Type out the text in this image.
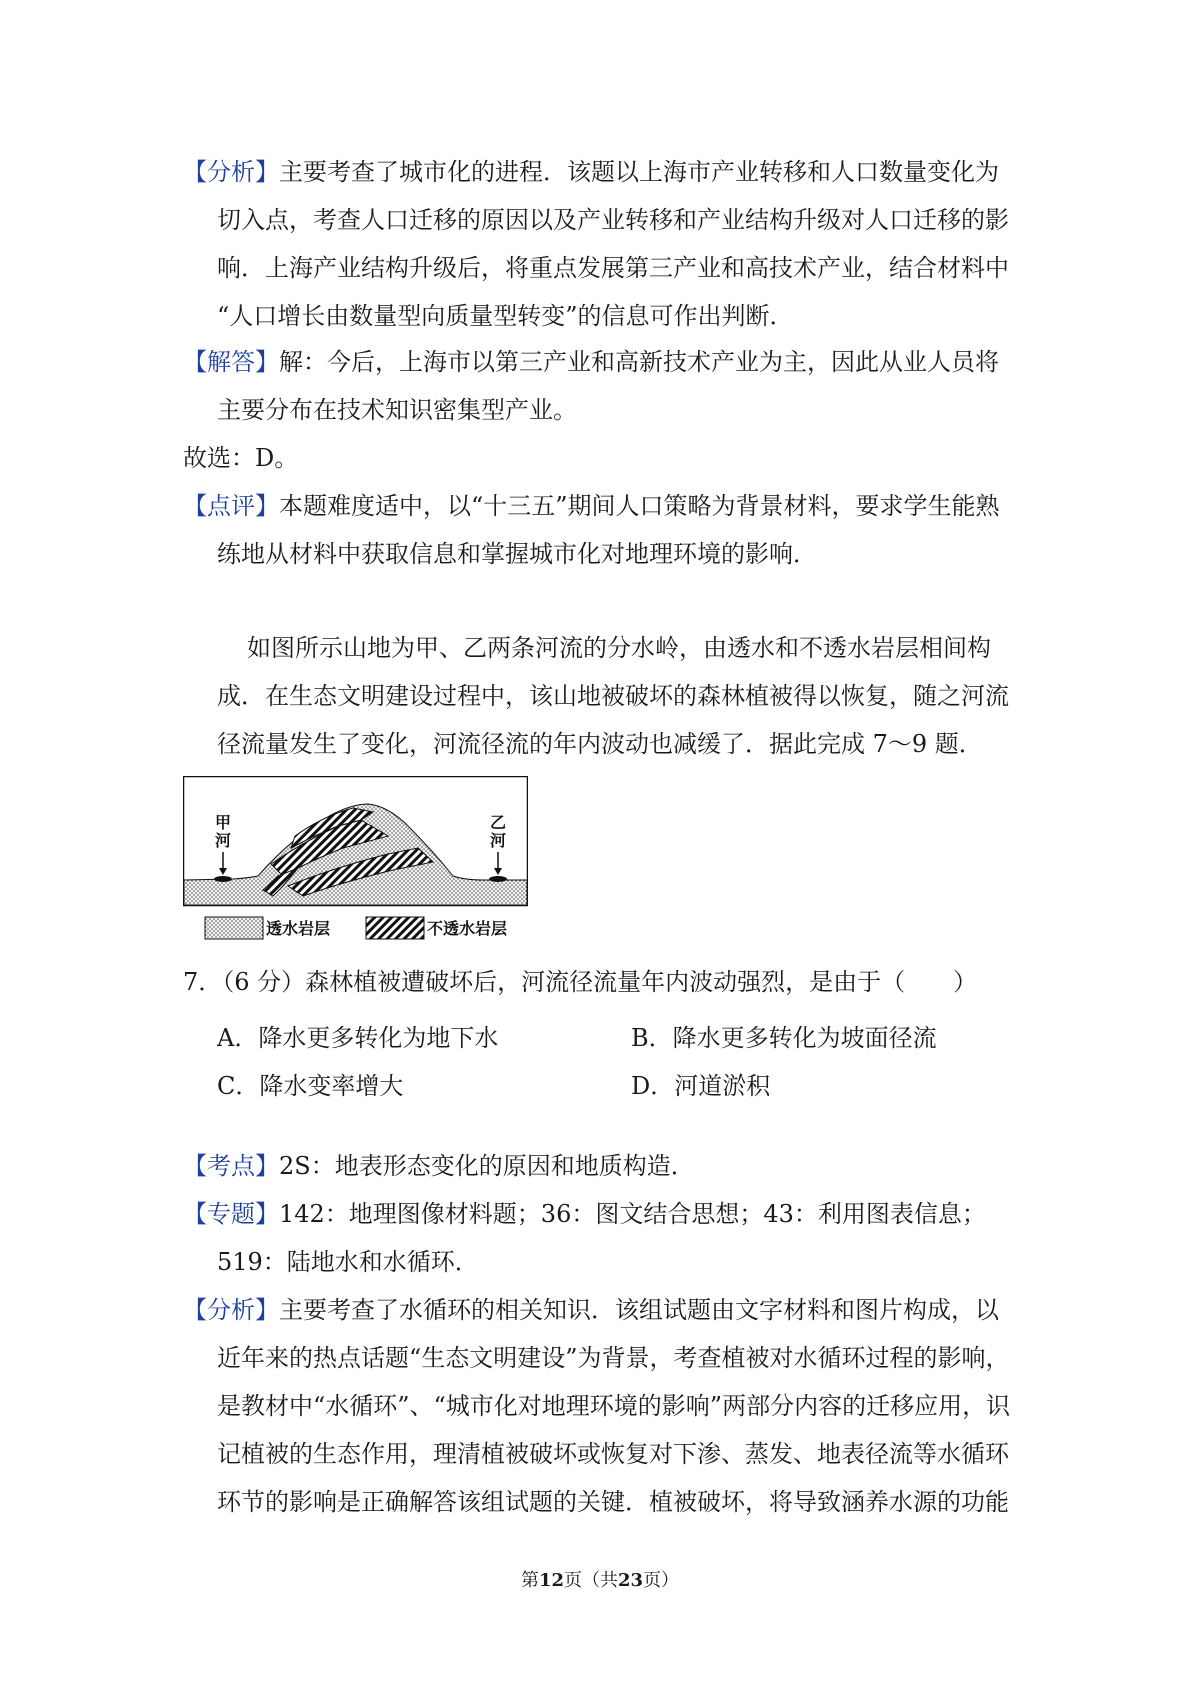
【分析】主要考查了城市化的进程．该题以上海市产业转移和人口数量变化为
切入点，考查人口迁移的原因以及产业转移和产业结构升级对人口迁移的影
响．上海产业结构升级后，将重点发展第三产业和高技术产业，结合材料中
“人口增长由数量型向质量型转变”的信息可作出判断．
【解答】解：今后，上海市以第三产业和高新技术产业为主，因此从业人员将
主要分布在技术知识密集型产业。
故选：D。
【点评】本题难度适中，以“十三五”期间人口策略为背景材料，要求学生能熟
练地从材料中获取信息和掌握城市化对地理环境的影响．
如图所示山地为甲、乙两条河流的分水岭，由透水和不透水岩层相间构
成．在生态文明建设过程中，该山地被破坏的森林植被得以恢复，随之河流
径流量发生了变化，河流径流的年内波动也减缓了．据此完成 7～9 题．
甲
河
乙
河
透水岩层	不透水岩层
7．（6 分）森林植被遭破坏后，河流径流量年内波动强烈，是由于（　　）
A．降水更多转化为地下水	B．降水更多转化为坡面径流
C．降水变率增大	D．河道淤积
【考点】2S：地表形态变化的原因和地质构造．
【专题】142：地理图像材料题；36：图文结合思想；43：利用图表信息；
519：陆地水和水循环．
【分析】主要考查了水循环的相关知识．该组试题由文字材料和图片构成，以
近年来的热点话题“生态文明建设”为背景，考查植被对水循环过程的影响，
是教材中“水循环”、“城市化对地理环境的影响”两部分内容的迁移应用，识
记植被的生态作用，理清植被破坏或恢复对下渗、蒸发、地表径流等水循环
环节的影响是正确解答该组试题的关键．植被破坏，将导致涵养水源的功能
第12页（共23页）
